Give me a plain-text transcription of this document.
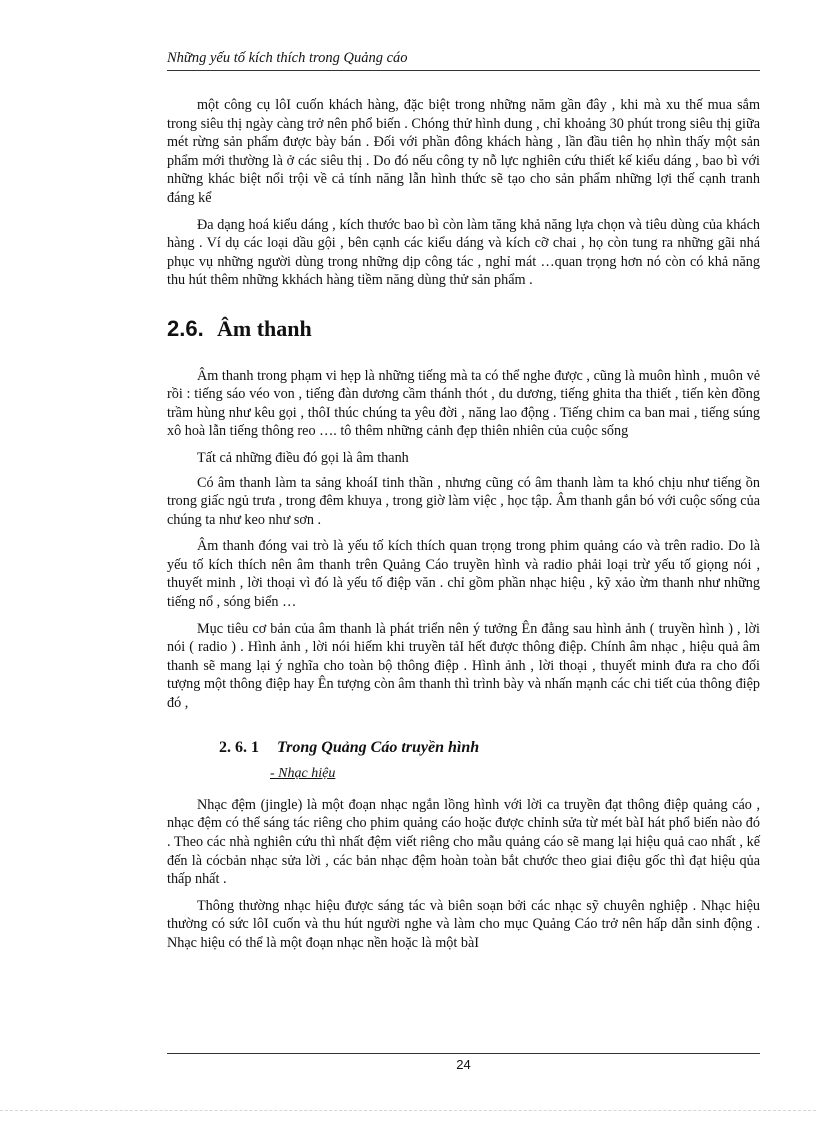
Những yếu tố kích thích trong Quảng cáo

một công cụ lôI cuốn khách hàng, đặc biệt trong những năm gần đây , khi mà xu thế mua sắm trong siêu thị ngày càng trở nên phổ biến . Chóng thử hình dung , chỉ khoảng 30 phút trong siêu thị giữa mét rừng sản phẩm được bày bán . Đối với phần đông khách hàng , lần đầu tiên họ nhìn thấy một sản phẩm mới thường là ở các siêu thị . Do đó nếu công ty nỗ lực nghiên cứu thiết kế kiểu dáng , bao bì với những khác biệt nổi trội về cả tính năng lẫn hình thức sẽ tạo cho sản phẩm những lợi thế cạnh tranh đáng kể

Đa dạng hoá kiểu dáng , kích thước bao bì còn làm tăng khả năng lựa chọn và tiêu dùng của khách hàng . Ví dụ các loại dầu gội , bên cạnh các kiểu dáng và kích cỡ chai , họ còn tung ra những gãi nhá phục vụ những người dùng trong những dịp công tác , nghỉ mát …quan trọng hơn nó còn có khả năng thu hút thêm những kkhách hàng tiềm năng dùng thử sản phẩm .

2.6. Âm thanh

Âm thanh trong phạm vi hẹp là những tiếng mà ta có thể nghe được , cũng là muôn hình , muôn vẻ rồi : tiếng sáo véo von , tiếng đàn dương cầm thánh thót , du dương, tiếng ghita tha thiết , tiến kèn đồng trầm hùng như kêu gọi , thôI thúc chúng ta yêu đời , năng lao động . Tiếng chim ca ban mai , tiếng súng xô hoà lẫn tiếng thông reo …. tô thêm những cảnh đẹp thiên nhiên của cuộc sống

Tất cả những điều đó gọi là âm thanh

Có âm thanh làm ta sảng khoáI tinh thần , nhưng cũng có âm thanh làm ta khó chịu như tiếng ồn trong giấc ngủ trưa , trong đêm khuya , trong giờ làm việc , học tập. Âm thanh gắn bó với cuộc sống của chúng ta như keo như sơn .

Âm thanh đóng vai trò là yếu tố kích thích quan trọng trong phim quảng cáo và trên radio. Do là yếu tố kích thích nên âm thanh trên Quảng Cáo truyền hình và radio phải loại trừ yếu tố giọng nói , thuyết minh , lời thoại vì đó là yếu tố điệp văn . chỉ gồm phần nhạc hiệu , kỹ xảo ừm thanh như những tiếng nổ , sóng biển …

Mục tiêu cơ bản của âm thanh là phát triển nên ý tưởng Ên đằng sau hình ảnh ( truyền hình ) , lời nói ( radio ) . Hình ảnh , lời nói hiếm khi truyền tảI hết được thông điệp. Chính âm nhạc , hiệu quả âm thanh sẽ mang lại ý nghĩa cho toàn bộ thông điệp . Hình ảnh , lời thoại , thuyết minh đưa ra cho đối tượng một thông điệp hay Ên tượng còn âm thanh thì trình bày và nhấn mạnh các chi tiết của thông điệp đó ,

2. 6. 1 Trong Quảng Cáo truyền hình
- Nhạc hiệu

Nhạc đệm (jingle) là một đoạn nhạc ngắn lồng hình với lời ca truyền đạt thông điệp quảng cáo , nhạc đệm có thể sáng tác riêng cho phim quảng cáo hoặc được chỉnh sửa từ mét bàI hát phổ biến nào đó . Theo các nhà nghiên cứu thì nhất đệm viết riêng cho mẫu quảng cáo sẽ mang lại hiệu quả cao nhất , kế đến là cócbản nhạc sửa lời , các bản nhạc đệm hoàn toàn bắt chước theo giai điệu gốc thì đạt hiệu qủa thấp nhất .

Thông thường nhạc hiệu được sáng tác và biên soạn bởi các nhạc sỹ chuyên nghiệp . Nhạc hiệu thường có sức lôI cuốn và thu hút người nghe và làm cho mục Quảng Cáo trở nên hấp dẫn sinh động . Nhạc hiệu có thể là một đoạn nhạc nền hoặc là một bàI

24
